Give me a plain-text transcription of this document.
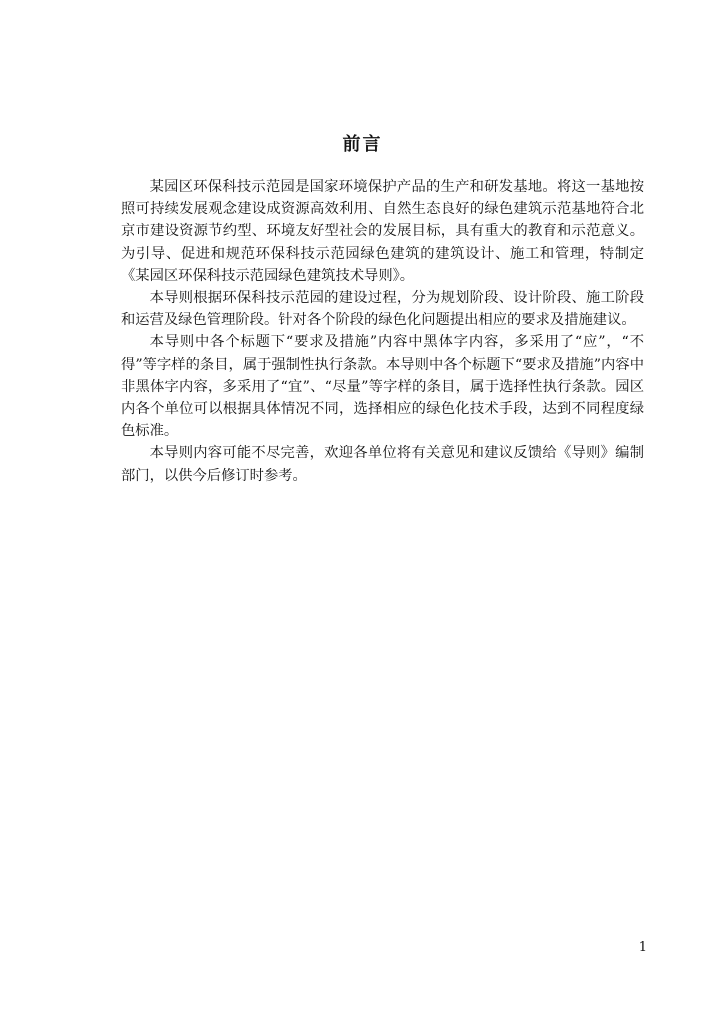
前言

某园区环保科技示范园是国家环境保护产品的生产和研发基地。将这一基地按照可持续发展观念建设成资源高效利用、自然生态良好的绿色建筑示范基地符合北京市建设资源节约型、环境友好型社会的发展目标，具有重大的教育和示范意义。为引导、促进和规范环保科技示范园绿色建筑的建筑设计、施工和管理，特制定《某园区环保科技示范园绿色建筑技术导则》。

本导则根据环保科技示范园的建设过程，分为规划阶段、设计阶段、施工阶段和运营及绿色管理阶段。针对各个阶段的绿色化问题提出相应的要求及措施建议。

本导则中各个标题下“要求及措施”内容中黑体字内容，多采用了“应”，“不得”等字样的条目，属于强制性执行条款。本导则中各个标题下“要求及措施”内容中非黑体字内容，多采用了“宜”、“尽量”等字样的条目，属于选择性执行条款。园区内各个单位可以根据具体情况不同，选择相应的绿色化技术手段，达到不同程度绿色标准。

本导则内容可能不尽完善，欢迎各单位将有关意见和建议反馈给《导则》编制部门，以供今后修订时参考。

1
